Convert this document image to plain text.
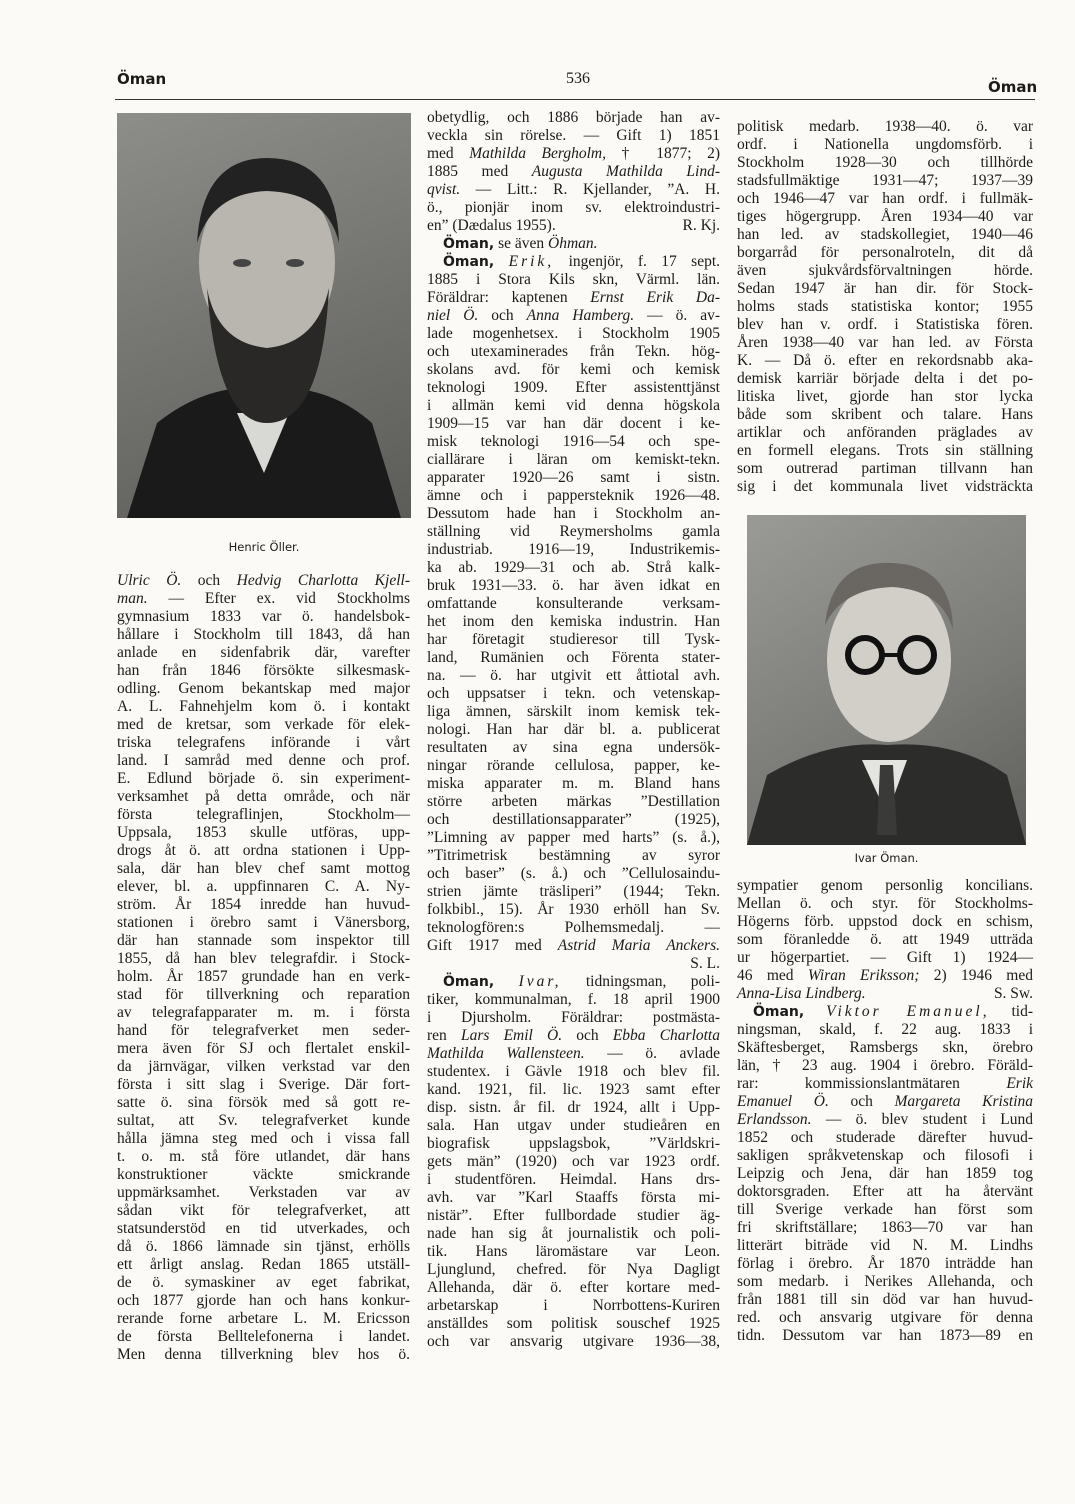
Öman	536	Öman
Henric Öller.
Ivar Öman.
Ulric Ö. och Hedvig Charlotta Kjell-
man. — Efter ex. vid Stockholms
gymnasium 1833 var ö. handelsbok-
hållare i Stockholm till 1843, då han
anlade en sidenfabrik där, varefter
han från 1846 försökte silkesmask-
odling. Genom bekantskap med major
A. L. Fahnehjelm kom ö. i kontakt
med de kretsar, som verkade för elek-
triska telegrafens införande i vårt
land. I samråd med denne och prof.
E. Edlund började ö. sin experiment-
verksamhet på detta område, och när
första telegraflinjen, Stockholm—
Uppsala, 1853 skulle utföras, upp-
drogs åt ö. att ordna stationen i Upp-
sala, där han blev chef samt mottog
elever, bl. a. uppfinnaren C. A. Ny-
ström. År 1854 inredde han huvud-
stationen i örebro samt i Vänersborg,
där han stannade som inspektor till
1855, då han blev telegrafdir. i Stock-
holm. År 1857 grundade han en verk-
stad för tillverkning och reparation
av telegrafapparater m. m. i första
hand för telegrafverket men seder-
mera även för SJ och flertalet enskil-
da järnvägar, vilken verkstad var den
första i sitt slag i Sverige. Där fort-
satte ö. sina försök med så gott re-
sultat, att Sv. telegrafverket kunde
hålla jämna steg med och i vissa fall
t. o. m. stå före utlandet, där hans
konstruktioner väckte smickrande
uppmärksamhet. Verkstaden var av
sådan vikt för telegrafverket, att
statsunderstöd en tid utverkades, och
då ö. 1866 lämnade sin tjänst, erhölls
ett årligt anslag. Redan 1865 utställ-
de ö. symaskiner av eget fabrikat,
och 1877 gjorde han och hans konkur-
rerande forne arbetare L. M. Ericsson
de första Belltelefonerna i landet.
Men denna tillverkning blev hos ö.
obetydlig, och 1886 började han av-
veckla sin rörelse. — Gift 1) 1851
med Mathilda Bergholm, † 1877; 2)
1885 med Augusta Mathilda Lind-
qvist. — Litt.: R. Kjellander, ”A. H.
ö., pionjär inom sv. elektroindustri-
en” (Dædalus 1955).	R. Kj.
Öman, se även Öhman.
Öman, Erik, ingenjör, f. 17 sept.
1885 i Stora Kils skn, Värml. län.
Föräldrar: kaptenen Ernst Erik Da-
niel Ö. och Anna Hamberg. — ö. av-
lade mogenhetsex. i Stockholm 1905
och utexaminerades från Tekn. hög-
skolans avd. för kemi och kemisk
teknologi 1909. Efter assistenttjänst
i allmän kemi vid denna högskola
1909—15 var han där docent i ke-
misk teknologi 1916—54 och spe-
ciallärare i läran om kemiskt-tekn.
apparater 1920—26 samt i sistn.
ämne och i pappersteknik 1926—48.
Dessutom hade han i Stockholm an-
ställning vid Reymersholms gamla
industriab. 1916—19, Industrikemis-
ka ab. 1929—31 och ab. Strå kalk-
bruk 1931—33. ö. har även idkat en
omfattande konsulterande verksam-
het inom den kemiska industrin. Han
har företagit studieresor till Tysk-
land, Rumänien och Förenta stater-
na. — ö. har utgivit ett åttiotal avh.
och uppsatser i tekn. och vetenskap-
liga ämnen, särskilt inom kemisk tek-
nologi. Han har där bl. a. publicerat
resultaten av sina egna undersök-
ningar rörande cellulosa, papper, ke-
miska apparater m. m. Bland hans
större arbeten märkas ”Destillation
och destillationsapparater” (1925),
”Limning av papper med harts” (s. å.),
”Titrimetrisk bestämning av syror
och baser” (s. å.) och ”Cellulosaindu-
strien jämte träsliperi” (1944; Tekn.
folkbibl., 15). År 1930 erhöll han Sv.
teknologfören:s Polhemsmedalj. —
Gift 1917 med Astrid Maria Anckers.
S. L.
Öman, Ivar, tidningsman, poli-
tiker, kommunalman, f. 18 april 1900
i Djursholm. Föräldrar: postmästa-
ren Lars Emil Ö. och Ebba Charlotta
Mathilda Wallensteen. — ö. avlade
studentex. i Gävle 1918 och blev fil.
kand. 1921, fil. lic. 1923 samt efter
disp. sistn. år fil. dr 1924, allt i Upp-
sala. Han utgav under studieåren en
biografisk uppslagsbok, ”Världskri-
gets män” (1920) och var 1923 ordf.
i studentfören. Heimdal. Hans drs-
avh. var ”Karl Staaffs första mi-
nistär”. Efter fullbordade studier äg-
nade han sig åt journalistik och poli-
tik. Hans läromästare var Leon.
Ljunglund, chefred. för Nya Dagligt
Allehanda, där ö. efter kortare med-
arbetarskap i Norrbottens-Kuriren
anställdes som politisk souschef 1925
och var ansvarig utgivare 1936—38,
politisk medarb. 1938—40. ö. var
ordf. i Nationella ungdomsförb. i
Stockholm 1928—30 och tillhörde
stadsfullmäktige 1931—47; 1937—39
och 1946—47 var han ordf. i fullmäk-
tiges högergrupp. Åren 1934—40 var
han led. av stadskollegiet, 1940—46
borgarråd för personalroteln, dit då
även sjukvårdsförvaltningen hörde.
Sedan 1947 är han dir. för Stock-
holms stads statistiska kontor; 1955
blev han v. ordf. i Statistiska fören.
Åren 1938—40 var han led. av Första
K. — Då ö. efter en rekordsnabb aka-
demisk karriär började delta i det po-
litiska livet, gjorde han stor lycka
både som skribent och talare. Hans
artiklar och anföranden präglades av
en formell elegans. Trots sin ställning
som outrerad partiman tillvann han
sig i det kommunala livet vidsträckta
sympatier genom personlig koncilians.
Mellan ö. och styr. för Stockholms-
Högerns förb. uppstod dock en schism,
som föranledde ö. att 1949 utträda
ur högerpartiet. — Gift 1) 1924—
46 med Wiran Eriksson; 2) 1946 med
Anna-Lisa Lindberg.	S. Sw.
Öman, Viktor Emanuel, tid-
ningsman, skald, f. 22 aug. 1833 i
Skäftesberget, Ramsbergs skn, örebro
län, † 23 aug. 1904 i örebro. Föräld-
rar: kommissionslantmätaren Erik
Emanuel Ö. och Margareta Kristina
Erlandsson. — ö. blev student i Lund
1852 och studerade därefter huvud-
sakligen språkvetenskap och filosofi i
Leipzig och Jena, där han 1859 tog
doktorsgraden. Efter att ha återvänt
till Sverige verkade han först som
fri skriftställare; 1863—70 var han
litterärt biträde vid N. M. Lindhs
förlag i örebro. År 1870 inträdde han
som medarb. i Nerikes Allehanda, och
från 1881 till sin död var han huvud-
red. och ansvarig utgivare för denna
tidn. Dessutom var han 1873—89 en
